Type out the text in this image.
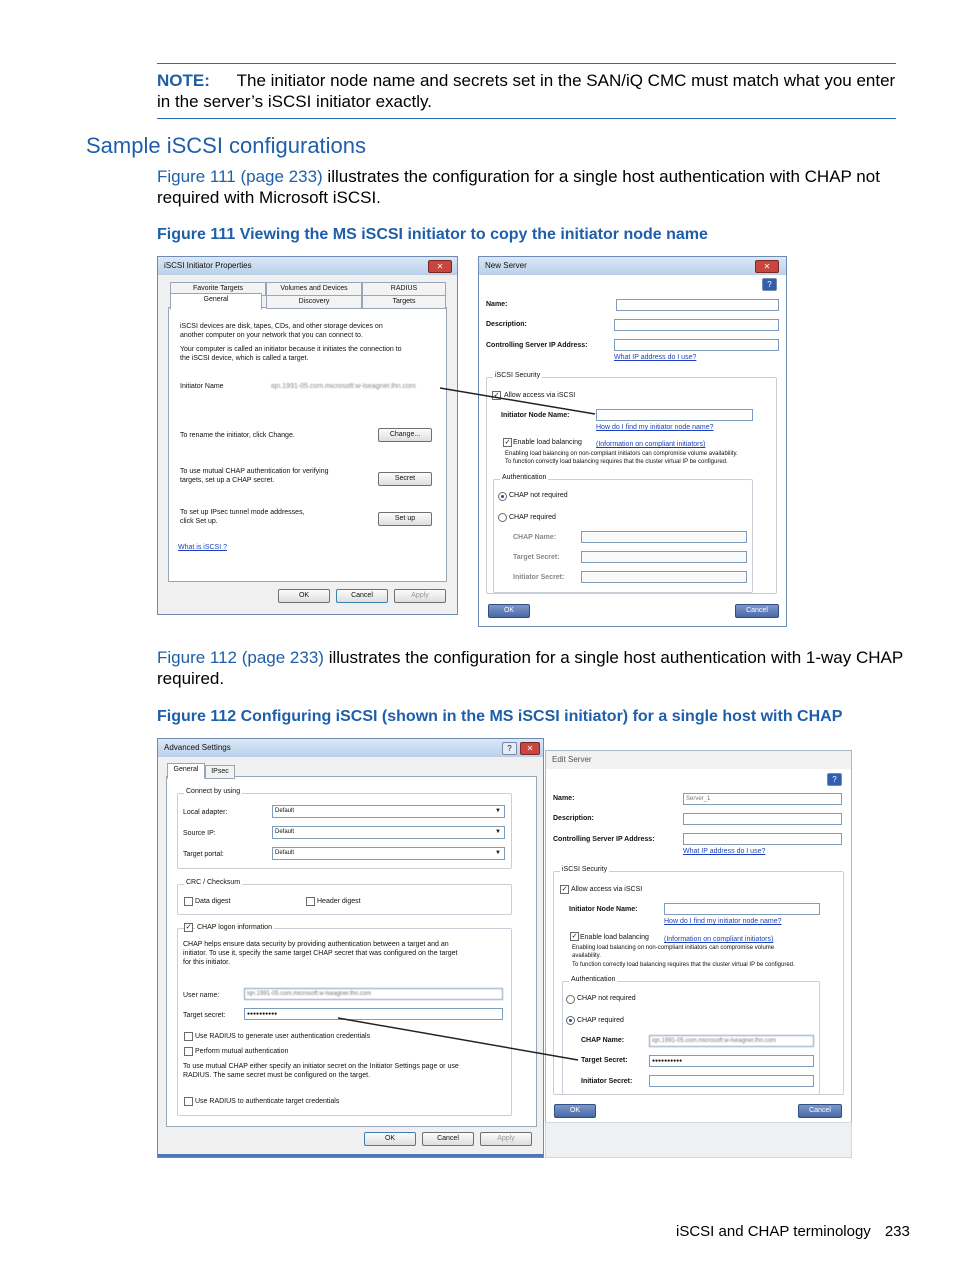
NOTE: The initiator node name and secrets set in the SAN/iQ CMC must match what you enter
in the server’s iSCSI initiator exactly.
Sample iSCSI configurations
Figure 111 (page 233) illustrates the configuration for a single host authentication with CHAP not
required with Microsoft iSCSI.
Figure 111 Viewing the MS iSCSI initiator to copy the initiator node name
iSCSI Initiator Properties	✕
Favorite Targets	Volumes and Devices	RADIUS
Discovery	Targets
General
iSCSI devices are disk, tapes, CDs, and other storage devices on
another computer on your network that you can connect to.
Your computer is called an initiator because it initiates the connection to
the iSCSI device, which is called a target.
Initiator Name	iqn.1991-05.com.microsoft:w-lseagner.lhn.com
To rename the initiator, click Change.	Change...
To use mutual CHAP authentication for verifying
targets, set up a CHAP secret.	Secret
To set up IPsec tunnel mode addresses,
click Set up.	Set up
What is iSCSI ?
OK	Cancel	Apply
New Server	✕
?
Name:
Description:
Controlling Server IP Address:
What IP address do I use?
iSCSI Security
✓ Allow access via iSCSI
Initiator Node Name:
How do I find my initiator node name?
✓ Enable load balancing (Information on compliant initiators)
Enabling load balancing on non-compliant initiators can compromise volume availability.
To function correctly load balancing requires that the cluster virtual IP be configured.
Authentication
CHAP not required
CHAP required
CHAP Name:
Target Secret:
Initiator Secret:
OK	Cancel
Figure 112 (page 233) illustrates the configuration for a single host authentication with 1-way CHAP
required.
Figure 112 Configuring iSCSI (shown in the MS iSCSI initiator) for a single host with CHAP
Advanced Settings	?	✕
General	IPsec
Connect by using
Local adapter:	Default	▼
Source IP:	Default	▼
Target portal:	Default	▼
CRC / Checksum
Data digest	Header digest
✓ CHAP logon information
CHAP helps ensure data security by providing authentication between a target and an
initiator. To use it, specify the same target CHAP secret that was configured on the target
for this initiator.
User name:	iqn.1991-05.com.microsoft:w-lseagner.lhn.com
Target secret:	●●●●●●●●●●
Use RADIUS to generate user authentication credentials
Perform mutual authentication
To use mutual CHAP either specify an initiator secret on the Initiator Settings page or use
RADIUS. The same secret must be configured on the target.
Use RADIUS to authenticate target credentials
OK	Cancel	Apply
Edit Server
?
Name:	Server_1
Description:
Controlling Server IP Address:
What IP address do I use?
iSCSI Security
✓ Allow access via iSCSI
Initiator Node Name:
How do I find my initiator node name?
✓ Enable load balancing (Information on compliant initiators)
Enabling load balancing on non-compliant initiators can compromise volume
availability.
To function correctly load balancing requires that the cluster virtual IP be configured.
Authentication
CHAP not required
CHAP required
CHAP Name:	iqn.1991-05.com.microsoft:w-lseagner.lhn.com
Target Secret:	●●●●●●●●●●
Initiator Secret:
OK	Cancel
iSCSI and CHAP terminology 233
